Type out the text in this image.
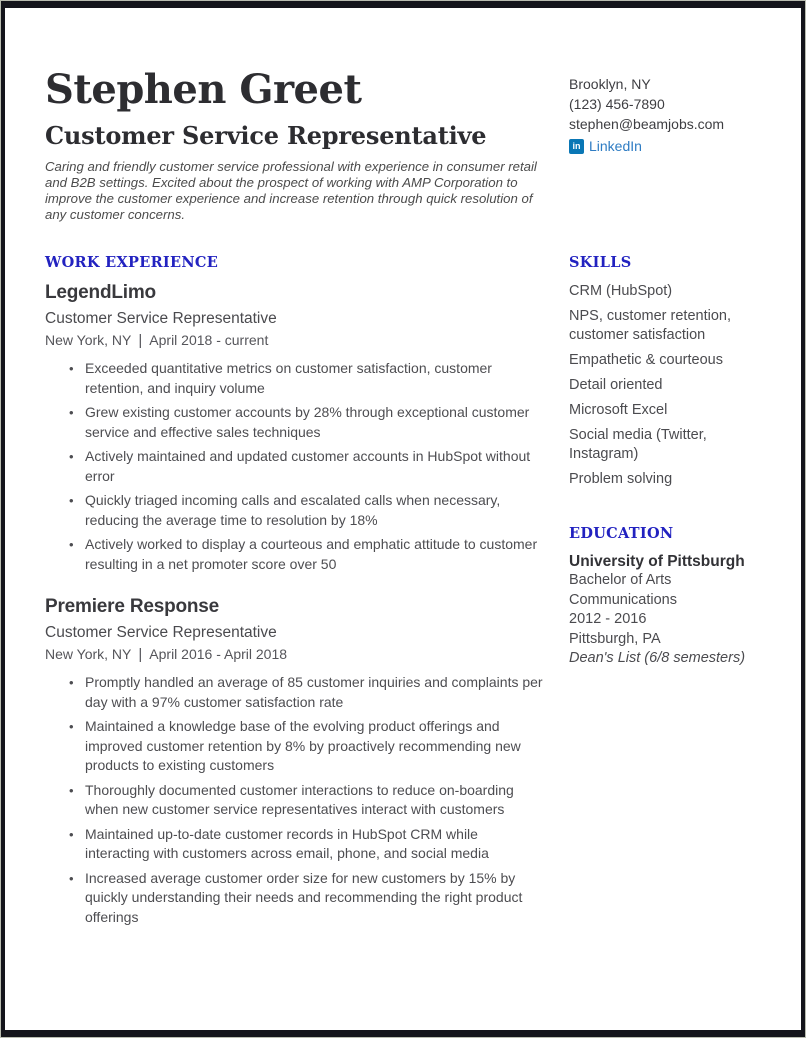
Stephen Greet
Customer Service Representative

Caring and friendly customer service professional with experience in consumer retail and B2B settings. Excited about the prospect of working with AMP Corporation to improve the customer experience and increase retention through quick resolution of any customer concerns.

Brooklyn, NY
(123) 456-7890
stephen@beamjobs.com
in LinkedIn
WORK EXPERIENCE
LegendLimo
Customer Service Representative
New York, NY | April 2018 - current
• Exceeded quantitative metrics on customer satisfaction, customer retention, and inquiry volume
• Grew existing customer accounts by 28% through exceptional customer service and effective sales techniques
• Actively maintained and updated customer accounts in HubSpot without error
• Quickly triaged incoming calls and escalated calls when necessary, reducing the average time to resolution by 18%
• Actively worked to display a courteous and emphatic attitude to customer resulting in a net promoter score over 50
Premiere Response
Customer Service Representative
New York, NY | April 2016 - April 2018
• Promptly handled an average of 85 customer inquiries and complaints per day with a 97% customer satisfaction rate
• Maintained a knowledge base of the evolving product offerings and improved customer retention by 8% by proactively recommending new products to existing customers
• Thoroughly documented customer interactions to reduce on-boarding when new customer service representatives interact with customers
• Maintained up-to-date customer records in HubSpot CRM while interacting with customers across email, phone, and social media
• Increased average customer order size for new customers by 15% by quickly understanding their needs and recommending the right product offerings
SKILLS
CRM (HubSpot)
NPS, customer retention, customer satisfaction
Empathetic & courteous
Detail oriented
Microsoft Excel
Social media (Twitter, Instagram)
Problem solving
EDUCATION
University of Pittsburgh
Bachelor of Arts
Communications
2012 - 2016
Pittsburgh, PA
Dean's List (6/8 semesters)
